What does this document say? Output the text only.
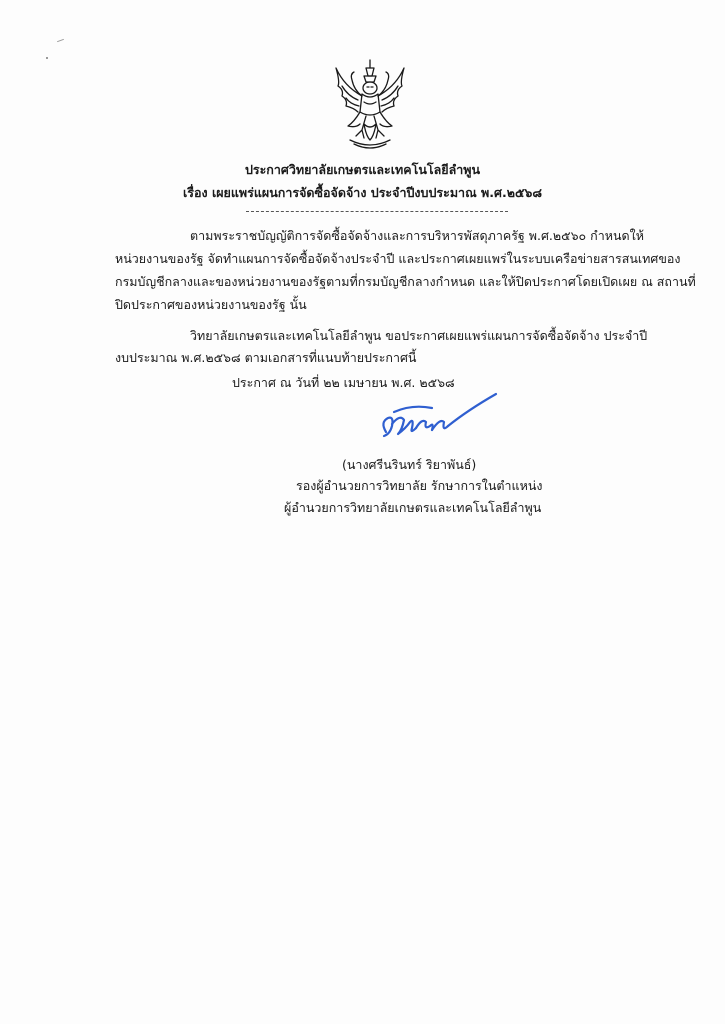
ประกาศวิทยาลัยเกษตรและเทคโนโลยีลำพูน
เรื่อง เผยแพร่แผนการจัดซื้อจัดจ้าง ประจำปีงบประมาณ พ.ศ.๒๕๖๘
ตามพระราชบัญญัติการจัดซื้อจัดจ้างและการบริหารพัสดุภาครัฐ พ.ศ.๒๕๖๐ กำหนดให้
หน่วยงานของรัฐ จัดทำแผนการจัดซื้อจัดจ้างประจำปี และประกาศเผยแพร่ในระบบเครือข่ายสารสนเทศของ
กรมบัญชีกลางและของหน่วยงานของรัฐตามที่กรมบัญชีกลางกำหนด และให้ปิดประกาศโดยเปิดเผย ณ สถานที่
ปิดประกาศของหน่วยงานของรัฐ นั้น
วิทยาลัยเกษตรและเทคโนโลยีลำพูน ขอประกาศเผยแพร่แผนการจัดซื้อจัดจ้าง ประจำปี
งบประมาณ พ.ศ.๒๕๖๘ ตามเอกสารที่แนบท้ายประกาศนี้
ประกาศ ณ วันที่ ๒๒ เมษายน พ.ศ. ๒๕๖๘
(นางศรีนรินทร์ ริยาพันธ์)
รองผู้อำนวยการวิทยาลัย รักษาการในตำแหน่ง
ผู้อำนวยการวิทยาลัยเกษตรและเทคโนโลยีลำพูน
